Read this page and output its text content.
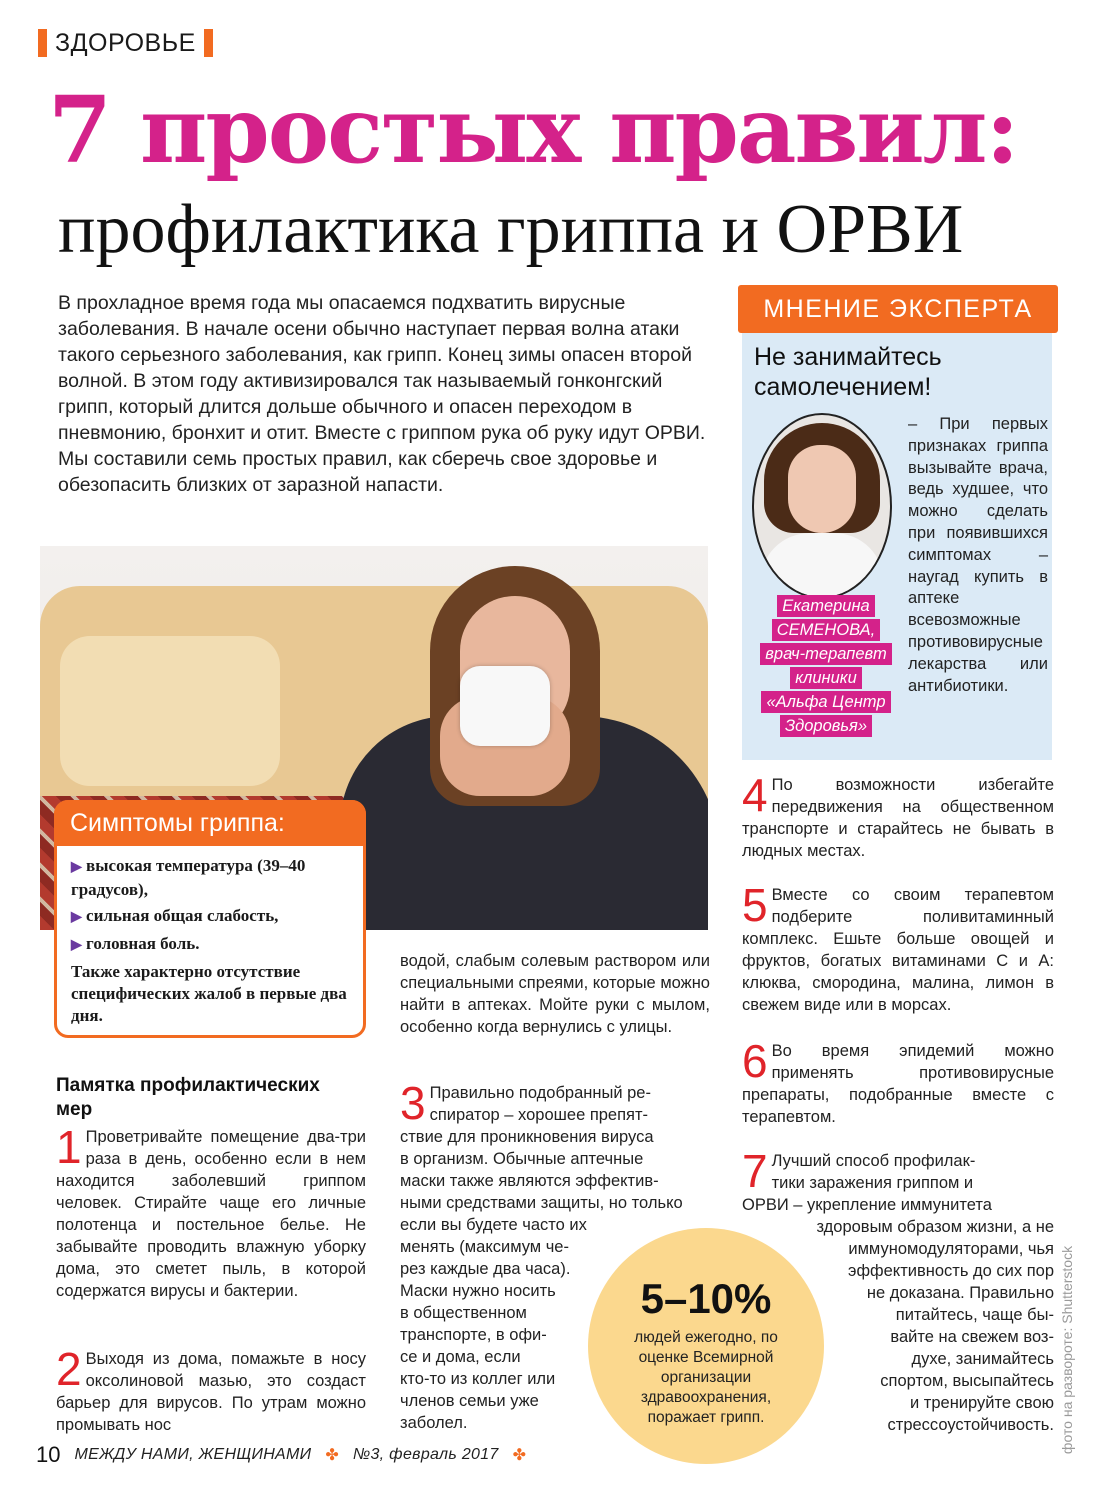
ЗДОРОВЬЕ
7 простых правил:
профилактика гриппа и ОРВИ

В прохладное время года мы опасаемся подхватить вирусные заболевания. В начале осени обычно наступает первая волна атаки такого серьезного заболевания, как грипп. Конец зимы опасен второй волной. В этом году активизировался так называемый гонконгский грипп, который длится дольше обычного и опасен переходом в пневмонию, бронхит и отит. Вместе с гриппом рука об руку идут ОРВИ.

Мы составили семь простых правил, как сберечь свое здоровье и обезопасить близких от заразной напасти.

Симптомы гриппа:
▶ высокая температура (39–40 градусов),
▶ сильная общая слабость,
▶ головная боль.
Также характерно отсутствие специфических жалоб в первые два дня.
МНЕНИЕ ЭКСПЕРТА
Не занимайтесь самолечением!
– При первых признаках гриппа вызывайте врача, ведь худшее, что можно сделать при появившихся симптомах – наугад купить в аптеке всевозможные противовирусные лекарства или антибиотики.
Екатерина
СЕМЕНОВА,
врач-терапевт
клиники
«Альфа Центр
Здоровья»
Памятка профилактических мер
1 Проветривайте помещение два-три раза в день, особенно если в нем находится заболевший гриппом человек. Стирайте чаще его личные полотенца и постельное белье. Не забывайте проводить влажную уборку дома, это сметет пыль, в которой содержатся вирусы и бактерии.
2 Выходя из дома, помажьте в носу оксолиновой мазью, это создаст барьер для вирусов. По утрам можно промывать нос
водой, слабым солевым раствором или специальными спреями, которые можно найти в аптеках. Мойте руки с мылом, особенно когда вернулись с улицы.
3 Правильно подобранный ре-
спиратор – хорошее препят-
ствие для проникновения вируса
в организм. Обычные аптечные
маски также являются эффектив-
ными средствами защиты, но только
если вы будете часто их
менять (максимум че-
рез каждые два часа).
Маски нужно носить
в общественном
транспорте, в офи-
се и дома, если
кто-то из коллег или
членов семьи уже
заболел.
4 По возможности избегайте передвижения на общественном транспорте и старайтесь не бывать в людных местах.
5 Вместе со своим терапевтом подберите поливитаминный комплекс. Ешьте больше овощей и фруктов, богатых витаминами С и А: клюква, смородина, малина, лимон в свежем виде или в морсах.
6 Во время эпидемий можно применять противовирусные препараты, подобранные вместе с терапевтом.
7 Лучший способ профилак-
тики заражения гриппом и
ОРВИ – укрепление иммунитета
здоровым образом жизни, а не
иммуномодуляторами, чья
эффективность до сих пор
не доказана. Правильно
питайтесь, чаще бы-
вайте на свежем воз-
духе, занимайтесь
спортом, высыпайтесь
и тренируйте свою
стрессоустойчивость.
5–10%
людей ежегодно, по оценке Всемирной организации здравоохранения, поражает грипп.	фото на развороте: Shutterstock
10 МЕЖДУ НАМИ, ЖЕНЩИНАМИ ✤ №3, февраль 2017 ✤
